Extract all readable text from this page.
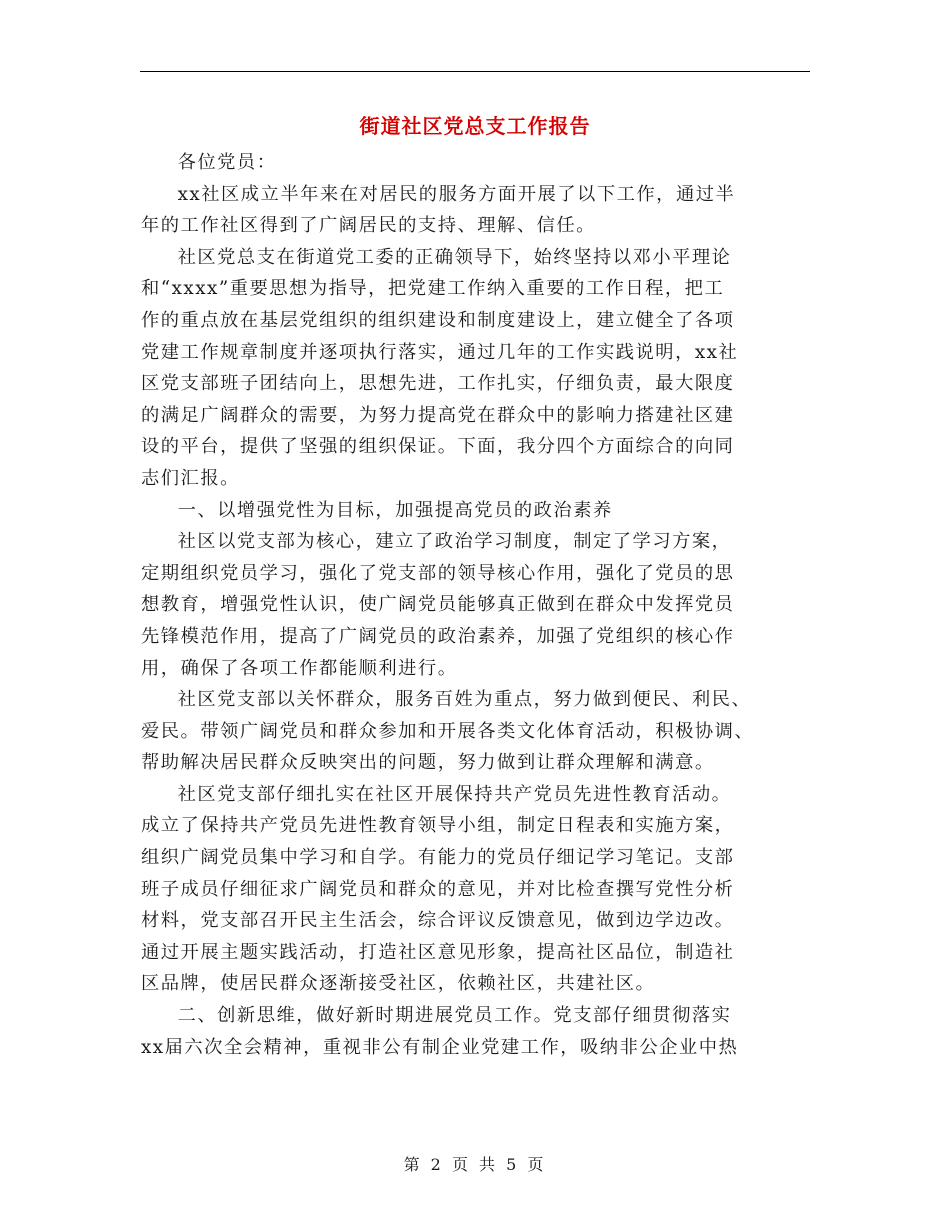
街道社区党总支工作报告

各位党员：

xx社区成立半年来在对居民的服务方面开展了以下工作，通过半
年的工作社区得到了广阔居民的支持、理解、信任。

社区党总支在街道党工委的正确领导下，始终坚持以邓小平理论
和“xxxx”重要思想为指导，把党建工作纳入重要的工作日程，把工
作的重点放在基层党组织的组织建设和制度建设上，建立健全了各项
党建工作规章制度并逐项执行落实，通过几年的工作实践说明，xx社
区党支部班子团结向上，思想先进，工作扎实，仔细负责，最大限度
的满足广阔群众的需要，为努力提高党在群众中的影响力搭建社区建
设的平台，提供了坚强的组织保证。下面，我分四个方面综合的向同
志们汇报。

一、以增强党性为目标，加强提高党员的政治素养

社区以党支部为核心，建立了政治学习制度，制定了学习方案，
定期组织党员学习，强化了党支部的领导核心作用，强化了党员的思
想教育，增强党性认识，使广阔党员能够真正做到在群众中发挥党员
先锋模范作用，提高了广阔党员的政治素养，加强了党组织的核心作
用，确保了各项工作都能顺利进行。

社区党支部以关怀群众，服务百姓为重点，努力做到便民、利民、
爱民。带领广阔党员和群众参加和开展各类文化体育活动，积极协调、
帮助解决居民群众反映突出的问题，努力做到让群众理解和满意。

社区党支部仔细扎实在社区开展保持共产党员先进性教育活动。
成立了保持共产党员先进性教育领导小组，制定日程表和实施方案，
组织广阔党员集中学习和自学。有能力的党员仔细记学习笔记。支部
班子成员仔细征求广阔党员和群众的意见，并对比检查撰写党性分析
材料，党支部召开民主生活会，综合评议反馈意见，做到边学边改。
通过开展主题实践活动，打造社区意见形象，提高社区品位，制造社
区品牌，使居民群众逐渐接受社区，依赖社区，共建社区。

二、创新思维，做好新时期进展党员工作。党支部仔细贯彻落实
xx届六次全会精神，重视非公有制企业党建工作，吸纳非公企业中热

第 2 页 共 5 页
